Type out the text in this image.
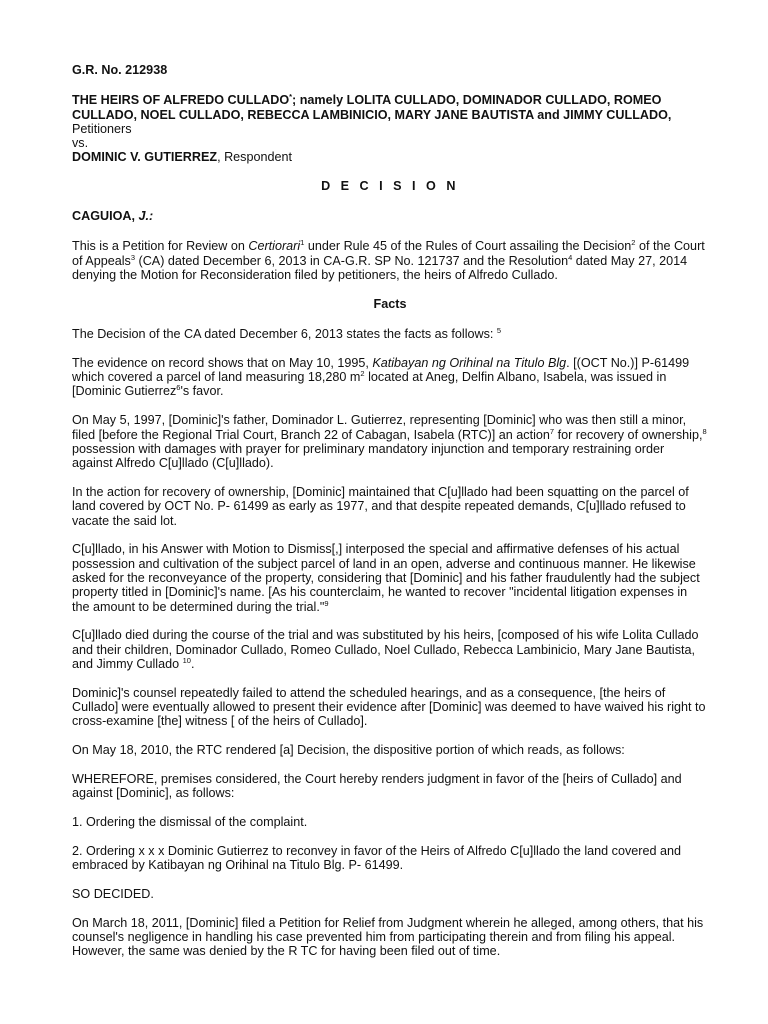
G.R. No. 212938

THE HEIRS OF ALFREDO CULLADO*; namely LOLITA CULLADO, DOMINADOR CULLADO, ROMEO CULLADO, NOEL CULLADO, REBECCA LAMBINICIO, MARY JANE BAUTISTA and JIMMY CULLADO, Petitioners

vs.

DOMINIC V. GUTIERREZ, Respondent

D E C I S I O N

CAGUIOA, J.:

This is a Petition for Review on Certiorari$^1$ under Rule 45 of the Rules of Court assailing the Decision$^2$ of the Court of Appeals$^3$ (CA) dated December 6, 2013 in CA-G.R. SP No. 121737 and the Resolution$^4$ dated May 27, 2014 denying the Motion for Reconsideration filed by petitioners, the heirs of Alfredo Cullado.

Facts

The Decision of the CA dated December 6, 2013 states the facts as follows: $^5$

The evidence on record shows that on May 10, 1995, Katibayan ng Orihinal na Titulo Blg. [(OCT No.)] P-61499 which covered a parcel of land measuring 18,280 $m^2$ located at Aneg, Delfin Albano, Isabela, was issued in [Dominic Gutierrez$^6$'s favor.

On May 5, 1997, [Dominic]'s father, Dominador L. Gutierrez, representing [Dominic] who was then still a minor, filed [before the Regional Trial Court, Branch 22 of Cabagan, Isabela (RTC)] an action$^7$ for recovery of ownership,$^8$ possession with damages with prayer for preliminary mandatory injunction and temporary restraining order against Alfredo C[u]llado (C[u]llado).

In the action for recovery of ownership, [Dominic] maintained that C[u]llado had been squatting on the parcel of land covered by OCT No. P- 61499 as early as 1977, and that despite repeated demands, C[u]llado refused to vacate the said lot.

C[u]llado, in his Answer with Motion to Dismiss[,] interposed the special and affirmative defenses of his actual possession and cultivation of the subject parcel of land in an open, adverse and continuous manner. He likewise asked for the reconveyance of the property, considering that [Dominic] and his father fraudulently had the subject property titled in [Dominic]'s name. [As his counterclaim, he wanted to recover "incidental litigation expenses in the amount to be determined during the trial."$^9$

C[u]llado died during the course of the trial and was substituted by his heirs, [composed of his wife Lolita Cullado and their children, Dominador Cullado, Romeo Cullado, Noel Cullado, Rebecca Lambinicio, Mary Jane Bautista, and Jimmy Cullado $^{10}$.

Dominic]'s counsel repeatedly failed to attend the scheduled hearings, and as a consequence, [the heirs of Cullado] were eventually allowed to present their evidence after [Dominic] was deemed to have waived his right to cross-examine [the] witness [ of the heirs of Cullado].

On May 18, 2010, the RTC rendered [a] Decision, the dispositive portion of which reads, as follows:

WHEREFORE, premises considered, the Court hereby renders judgment in favor of the [heirs of Cullado] and against [Dominic], as follows:

1. Ordering the dismissal of the complaint.

2. Ordering x x x Dominic Gutierrez to reconvey in favor of the Heirs of Alfredo C[u]llado the land covered and embraced by Katibayan ng Orihinal na Titulo Blg. P- 61499.

SO DECIDED.

On March 18, 2011, [Dominic] filed a Petition for Relief from Judgment wherein he alleged, among others, that his counsel's negligence in handling his case prevented him from participating therein and from filing his appeal. However, the same was denied by the R TC for having been filed out of time.
